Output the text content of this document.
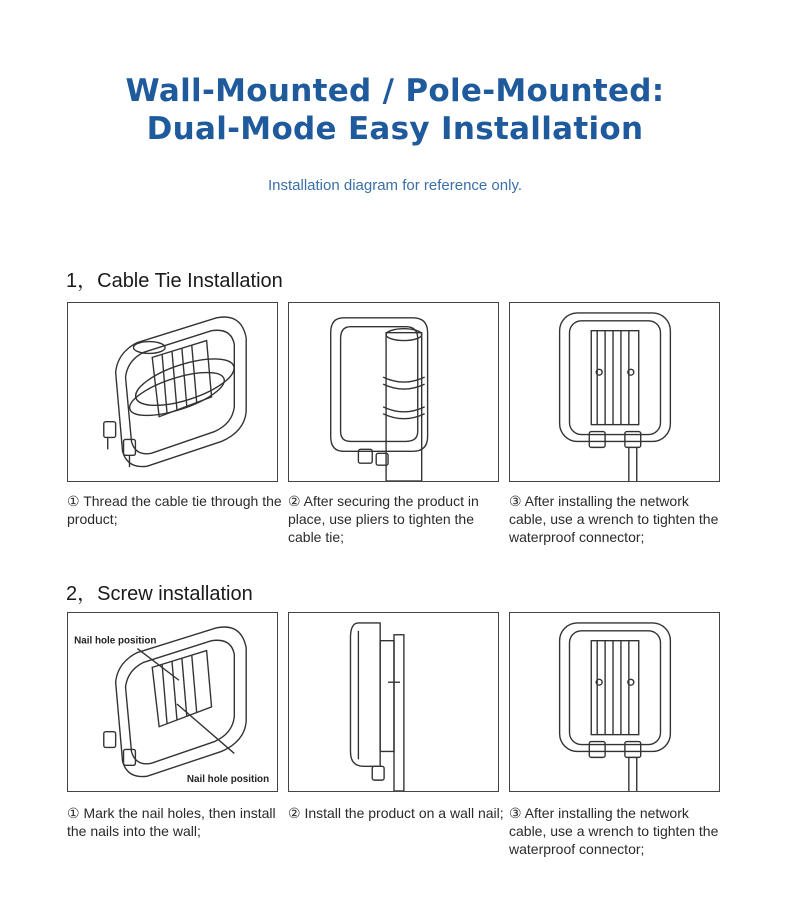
Wall-Mounted / Pole-Mounted:
Dual-Mode Easy Installation
Installation diagram for reference only.
1，Cable Tie Installation
① Thread the cable tie through the product;
② After securing the product in place, use pliers to tighten the cable tie;
③ After installing the network cable, use a wrench to tighten the waterproof connector;
2，Screw installation
Nail hole position
Nail hole position
① Mark the nail holes, then install the nails into the wall;
② Install the product on a wall nail; ③ After installing the network cable, use a wrench to tighten the waterproof connector;
